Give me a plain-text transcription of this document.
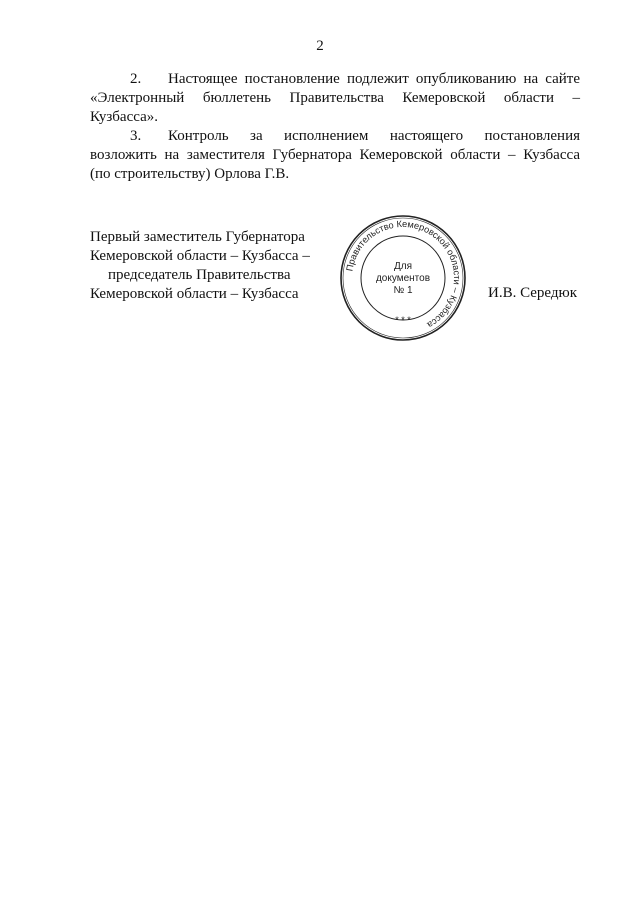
2
2. Настоящее постановление подлежит опубликованию на сайте
«Электронный бюллетень Правительства Кемеровской области –
Кузбасса».
3. Контроль за исполнением настоящего постановления
возложить на заместителя Губернатора Кемеровской области – Кузбасса
(по строительству) Орлова Г.В.
Первый заместитель Губернатора
Кемеровской области – Кузбасса –
председатель Правительства
Кемеровской области – Кузбасса
Правительство Кемеровской области – Кузбасса
* * *
Для
документов
№ 1	И.В. Середюк
